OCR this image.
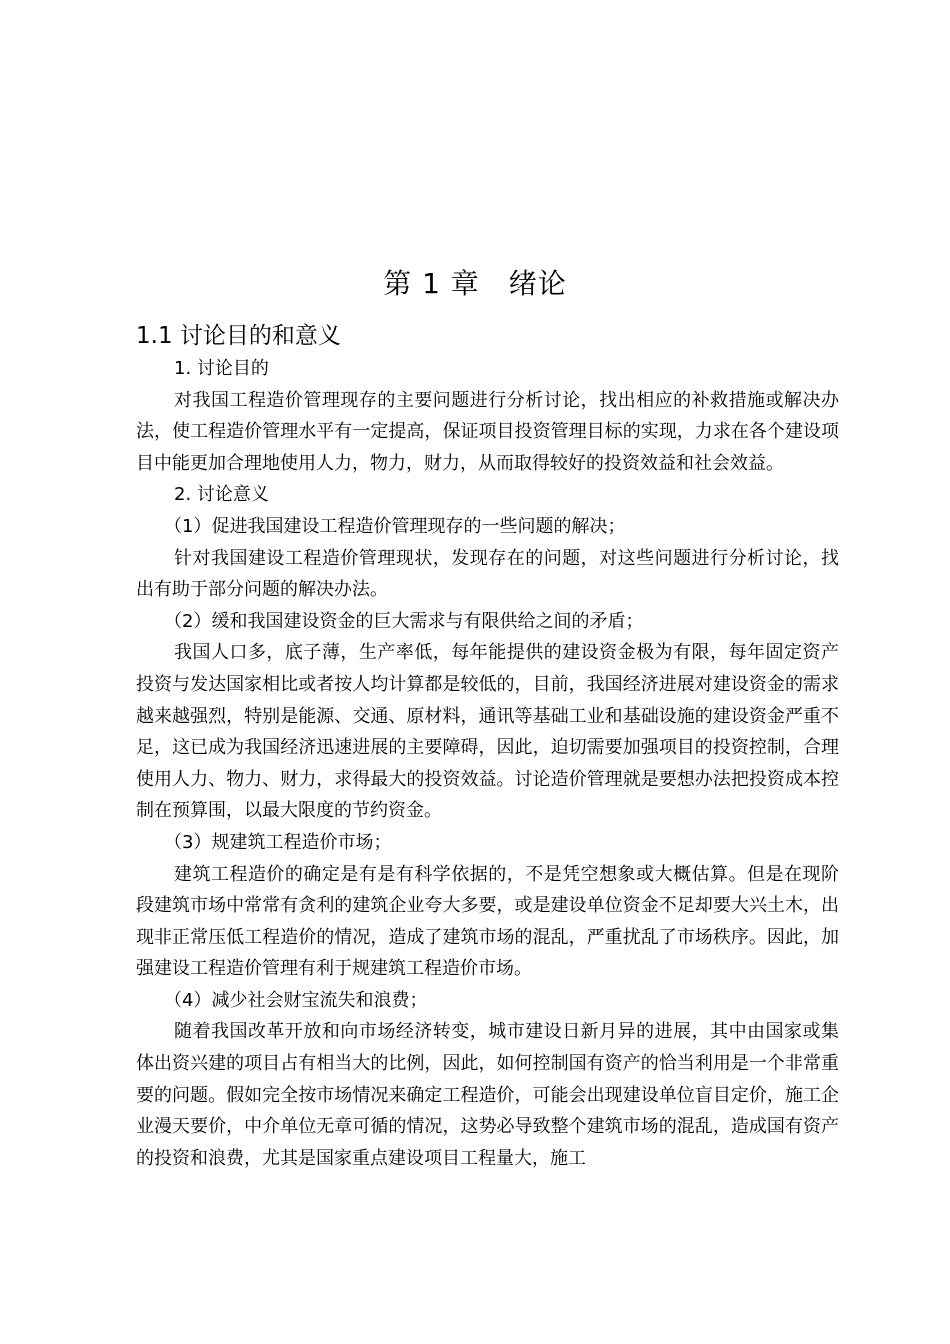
第 1 章　绪论
1.1 讨论目的和意义

1. 讨论目的

对我国工程造价管理现存的主要问题进行分析讨论，找出相应的补救措施或解决办法，使工程造价管理水平有一定提高，保证项目投资管理目标的实现，力求在各个建设项目中能更加合理地使用人力，物力，财力，从而取得较好的投资效益和社会效益。

2. 讨论意义

（1）促进我国建设工程造价管理现存的一些问题的解决；

针对我国建设工程造价管理现状，发现存在的问题，对这些问题进行分析讨论，找出有助于部分问题的解决办法。

（2）缓和我国建设资金的巨大需求与有限供给之间的矛盾；

我国人口多，底子薄，生产率低，每年能提供的建设资金极为有限，每年固定资产投资与发达国家相比或者按人均计算都是较低的，目前，我国经济进展对建设资金的需求越来越强烈，特别是能源、交通、原材料，通讯等基础工业和基础设施的建设资金严重不足，这已成为我国经济迅速进展的主要障碍，因此，迫切需要加强项目的投资控制，合理使用人力、物力、财力，求得最大的投资效益。讨论造价管理就是要想办法把投资成本控制在预算围，以最大限度的节约资金。

（3）规建筑工程造价市场；

建筑工程造价的确定是有是有科学依据的，不是凭空想象或大概估算。但是在现阶段建筑市场中常常有贪利的建筑企业夸大多要，或是建设单位资金不足却要大兴土木，出现非正常压低工程造价的情况，造成了建筑市场的混乱，严重扰乱了市场秩序。因此，加强建设工程造价管理有利于规建筑工程造价市场。

（4）减少社会财宝流失和浪费；

随着我国改革开放和向市场经济转变，城市建设日新月异的进展，其中由国家或集体出资兴建的项目占有相当大的比例，因此，如何控制国有资产的恰当利用是一个非常重要的问题。假如完全按市场情况来确定工程造价，可能会出现建设单位盲目定价，施工企业漫天要价，中介单位无章可循的情况，这势必导致整个建筑市场的混乱，造成国有资产的投资和浪费，尤其是国家重点建设项目工程量大，施工
